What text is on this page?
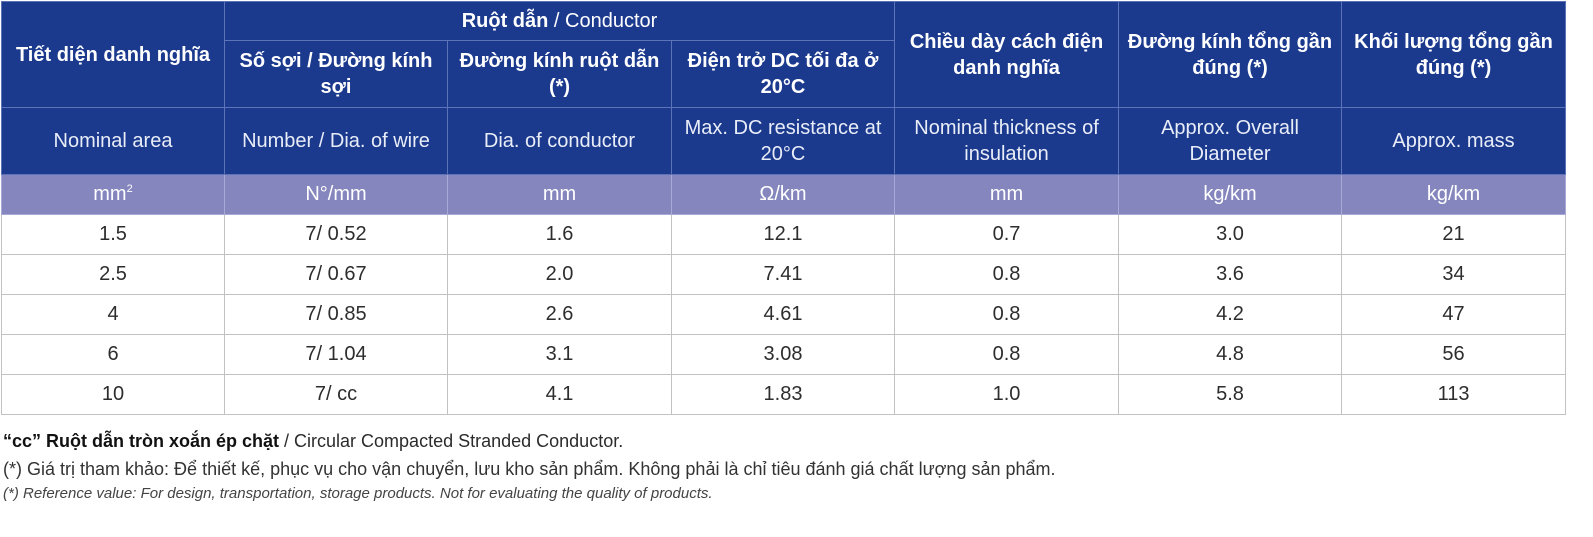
Tiết diện danh nghĩa	Ruột dẫn / Conductor			Chiều dày cách điện danh nghĩa	Đường kính tổng gần đúng (*)	Khối lượng tổng gần đúng (*)
	Số sợi / Đường kính sợi	Đường kính ruột dẫn (*)	Điện trở DC tối đa ở 20°C			
Nominal area	Number / Dia. of wire	Dia. of conductor	Max. DC resistance at 20°C	Nominal thickness of insulation	Approx. Overall Diameter	Approx. mass
$mm^2$	N°/mm	mm	Ω/km	mm	kg/km	kg/km
1.5	7/ 0.52	1.6	12.1	0.7	3.0	21
2.5	7/ 0.67	2.0	7.41	0.8	3.6	34
4	7/ 0.85	2.6	4.61	0.8	4.2	47
6	7/ 1.04	3.1	3.08	0.8	4.8	56
10	7/ cc	4.1	1.83	1.0	5.8	113
“cc” Ruột dẫn tròn xoắn ép chặt / Circular Compacted Stranded Conductor.
(*) Giá trị tham khảo: Để thiết kế, phục vụ cho vận chuyển, lưu kho sản phẩm. Không phải là chỉ tiêu đánh giá chất lượng sản phẩm.
(*) Reference value: For design, transportation, storage products. Not for evaluating the quality of products.
